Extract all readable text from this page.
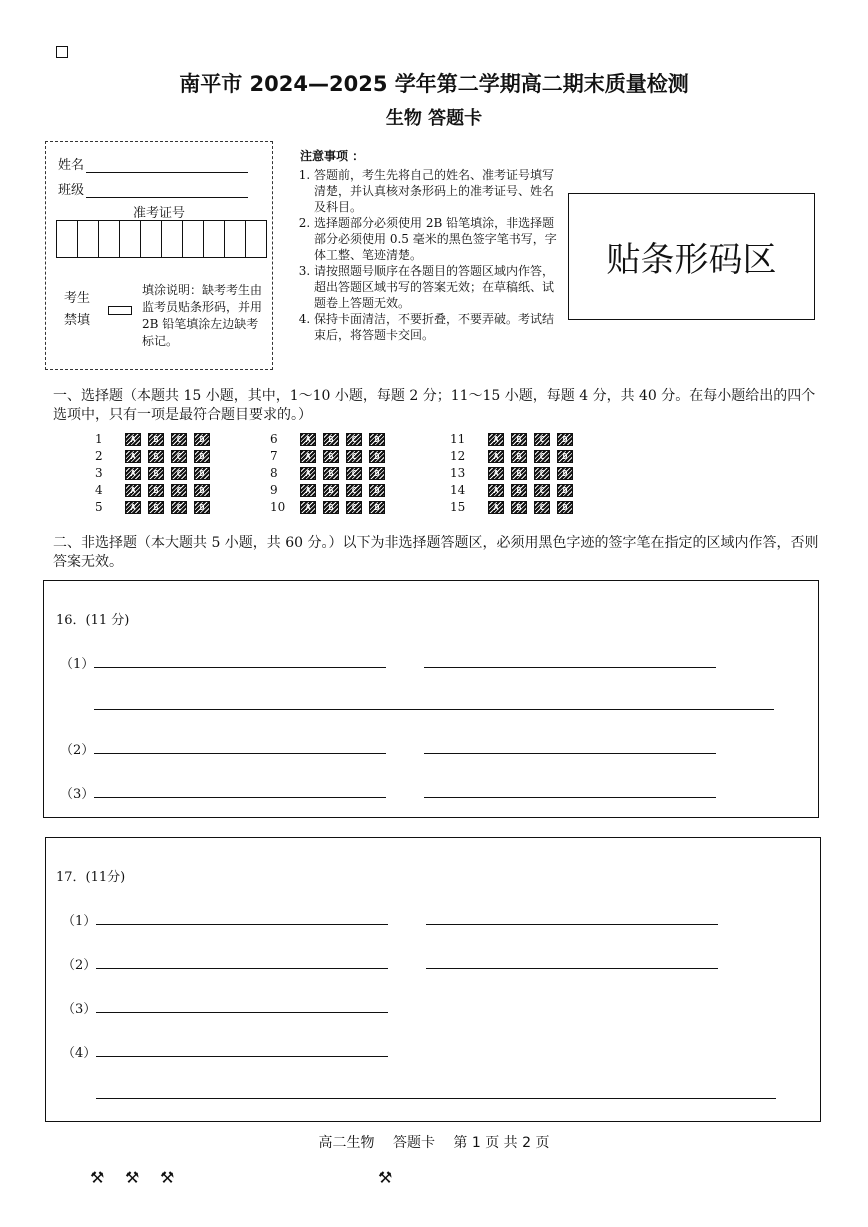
南平市 2024—2025 学年第二学期高二期末质量检测
生物 答题卡
姓名
班级
准考证号
考生禁填
填涂说明：缺考考生由监考员贴条形码，并用 2B 铅笔填涂左边缺考标记。
注意事项 ：
1. 答题前，考生先将自己的姓名、准考证号填写清楚，并认真核对条形码上的准考证号、姓名及科目。
2. 选择题部分必须使用 2B 铅笔填涂，非选择题部分必须使用 0.5 毫米的黑色签字笔书写，字体工整、笔迹清楚。
3. 请按照题号顺序在各题目的答题区域内作答，超出答题区域书写的答案无效；在草稿纸、试题卷上答题无效。
4. 保持卡面清洁，不要折叠，不要弄破。考试结束后，将答题卡交回。
贴条形码区
一、选择题（本题共 15 小题，其中，1～10 小题，每题 2 分；11～15 小题，每题 4 分，共 40 分。在每小题给出的四个选项中，只有一项是最符合题目要求的。）
1	A	B	C	D
2	A	B	C	D
3	A	B	C	D
4	A	B	C	D
5	A	B	C	D
6	A	B	C	D
7	A	B	C	D
8	A	B	C	D
9	A	B	C	D
10	A	B	C	D
11	A	B	C	D
12	A	B	C	D
13	A	B	C	D
14	A	B	C	D
15	A	B	C	D
二、非选择题（本大题共 5 小题，共 60 分。）以下为非选择题答题区，必须用黑色字迹的签字笔在指定的区域内作答，否则答案无效。
16．(11 分)
（1）
（2）
（3）
17．(11分)
（1）
（2）
（3）
（4）
高二生物　 答题卡　 第 1 页 共 2 页
⚒ ⚒ ⚒	⚒
